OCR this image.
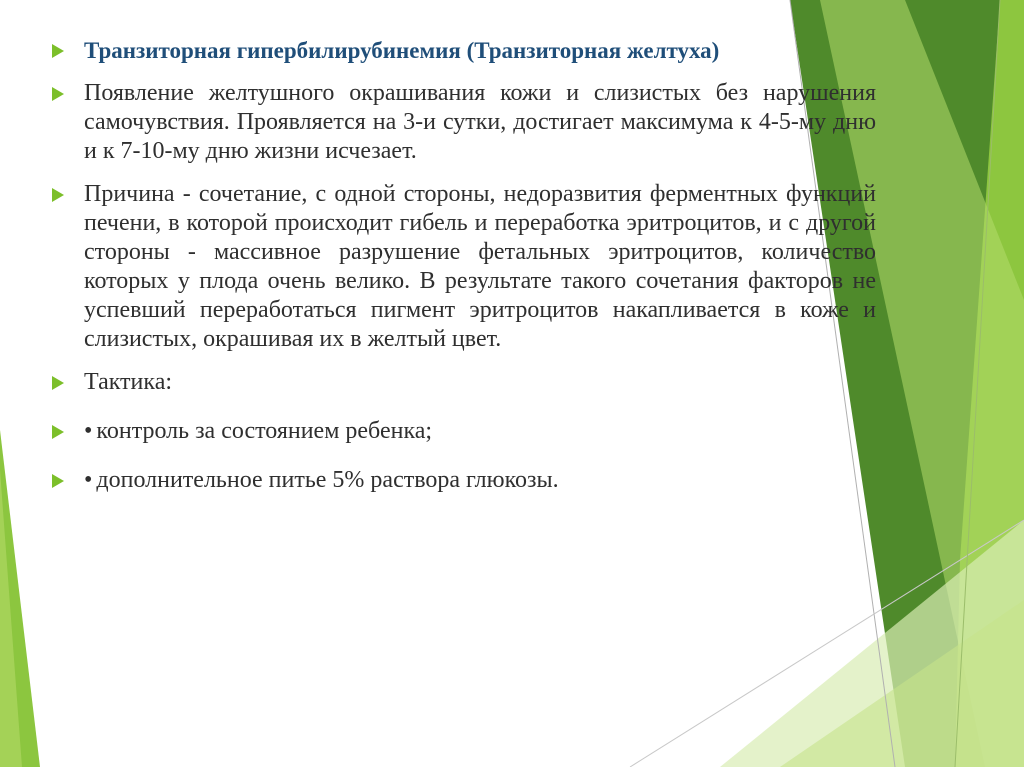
Транзиторная гипербилирубинемия (Транзиторная желтуха)
Появление желтушного окрашивания кожи и слизистых без нарушения самочувствия. Проявляется на 3-и сутки, достигает максимума к 4-5-му дню и к 7-10-му дню жизни исчезает.
Причина - сочетание, с одной стороны, недоразвития ферментных функций печени, в которой происходит гибель и переработка эритроцитов, и с другой стороны - массивное разрушение фетальных эритроцитов, количество которых у плода очень велико. В результате такого сочетания факторов не успевший переработаться пигмент эритроцитов накапливается в коже и слизистых, окрашивая их в желтый цвет.
Тактика:
• контроль за состоянием ребенка;
• дополнительное питье 5% раствора глюкозы.
